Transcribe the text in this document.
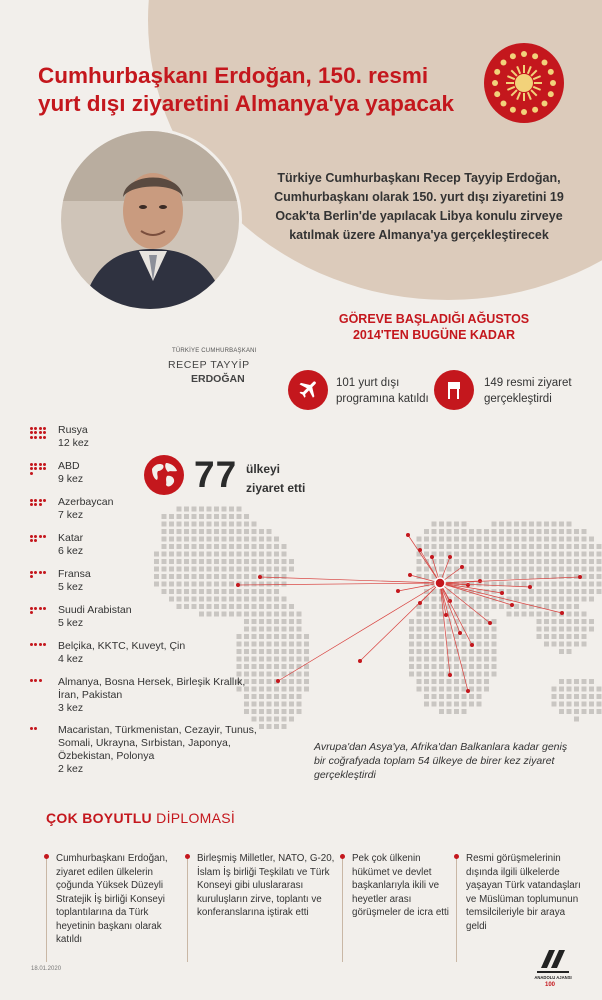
Cumhurbaşkanı Erdoğan, 150. resmi yurt dışı ziyaretini Almanya'ya yapacak
TÜRKİYE CUMHURBAŞKANI
RECEP TAYYİP
ERDOĞAN
Türkiye Cumhurbaşkanı Recep Tayyip Erdoğan, Cumhurbaşkanı olarak 150. yurt dışı ziyaretini 19 Ocak'ta Berlin'de yapılacak Libya konulu zirveye katılmak üzere Almanya'ya gerçekleştirecek
GÖREVE BAŞLADIĞI AĞUSTOS 2014'TEN BUGÜNE KADAR
101 yurt dışı programına katıldı
149 resmi ziyaret gerçekleştirdi
Rusya
12 kez
ABD
9 kez
Azerbaycan
7 kez
Katar
6 kez
Fransa
5 kez
Suudi Arabistan
5 kez
Belçika, KKTC, Kuveyt, Çin
4 kez
Almanya, Bosna Hersek, Birleşik Krallık, İran, Pakistan
3 kez
Macaristan, Türkmenistan, Cezayir, Tunus, Somali, Ukrayna, Sırbistan, Japonya, Özbekistan, Polonya
2 kez
77 ülkeyi ziyaret etti
Avrupa'dan Asya'ya, Afrika'dan Balkanlara kadar geniş bir coğrafyada toplam 54 ülkeye de birer kez ziyaret gerçekleştirdi
ÇOK BOYUTLU DİPLOMASİ
Cumhurbaşkanı Erdoğan, ziyaret edilen ülkelerin çoğunda Yüksek Düzeyli Stratejik İş birliği Konseyi toplantılarına da Türk heyetinin başkanı olarak katıldı
Birleşmiş Milletler, NATO, G-20, İslam İş birliği Teşkilatı ve Türk Konseyi gibi uluslararası kuruluşların zirve, toplantı ve konferanslarına iştirak etti
Pek çok ülkenin hükümet ve devlet başkanlarıyla ikili ve heyetler arası görüşmeler de icra etti
Resmi görüşmelerinin dışında ilgili ülkelerde yaşayan Türk vatandaşları ve Müslüman toplumunun temsilcileriyle bir araya geldi
18.01.2020
ANADOLU AJANSI
100
